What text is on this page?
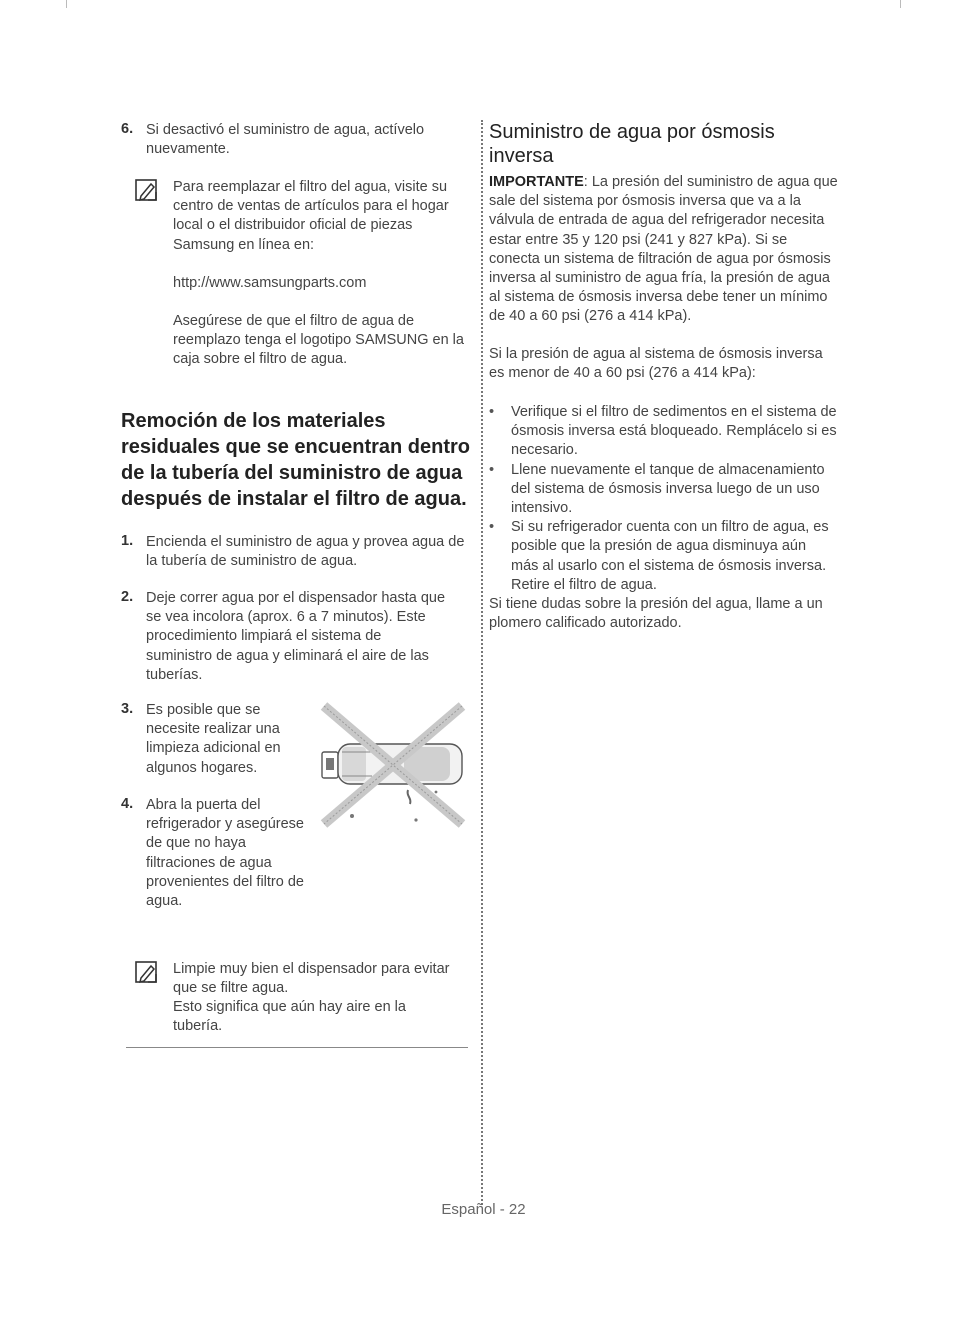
6. Si desactivó el suministro de agua, actívelo nuevamente.
Para reemplazar el filtro del agua, visite su centro de ventas de artículos para el hogar local o el distribuidor oficial de piezas Samsung en línea en:
http://www.samsungparts.com
Asegúrese de que el filtro de agua de reemplazo tenga el logotipo SAMSUNG en la caja sobre el filtro de agua.
Remoción de los materiales residuales que se encuentran dentro de la tubería del suministro de agua después de instalar el filtro de agua.
1. Encienda el suministro de agua y provea agua de la tubería de suministro de agua.
2. Deje correr agua por el dispensador hasta que se vea incolora (aprox. 6 a 7 minutos). Este procedimiento limpiará el sistema de suministro de agua y eliminará el aire de las tuberías.
3. Es posible que se necesite realizar una limpieza adicional en algunos hogares.
4. Abra la puerta del refrigerador y asegúrese de que no haya filtraciones de agua provenientes del filtro de agua.
Limpie muy bien el dispensador para evitar que se filtre agua.
Esto significa que aún hay aire en la tubería.
Suministro de agua por ósmosis inversa
IMPORTANTE: La presión del suministro de agua que sale del sistema por ósmosis inversa que va a la válvula de entrada de agua del refrigerador necesita estar entre 35 y 120 psi (241 y 827 kPa). Si se conecta un sistema de filtración de agua por ósmosis inversa al suministro de agua fría, la presión de agua al sistema de ósmosis inversa debe tener un mínimo de 40 a 60 psi (276 a 414 kPa).
Si la presión de agua al sistema de ósmosis inversa es menor de 40 a 60 psi (276 a 414 kPa):
• Verifique si el filtro de sedimentos en el sistema de ósmosis inversa está bloqueado. Remplácelo si es necesario.
• Llene nuevamente el tanque de almacenamiento del sistema de ósmosis inversa luego de un uso intensivo.
• Si su refrigerador cuenta con un filtro de agua, es posible que la presión de agua disminuya aún más al usarlo con el sistema de ósmosis inversa. Retire el filtro de agua.
Si tiene dudas sobre la presión del agua, llame a un plomero calificado autorizado.
Español - 22
